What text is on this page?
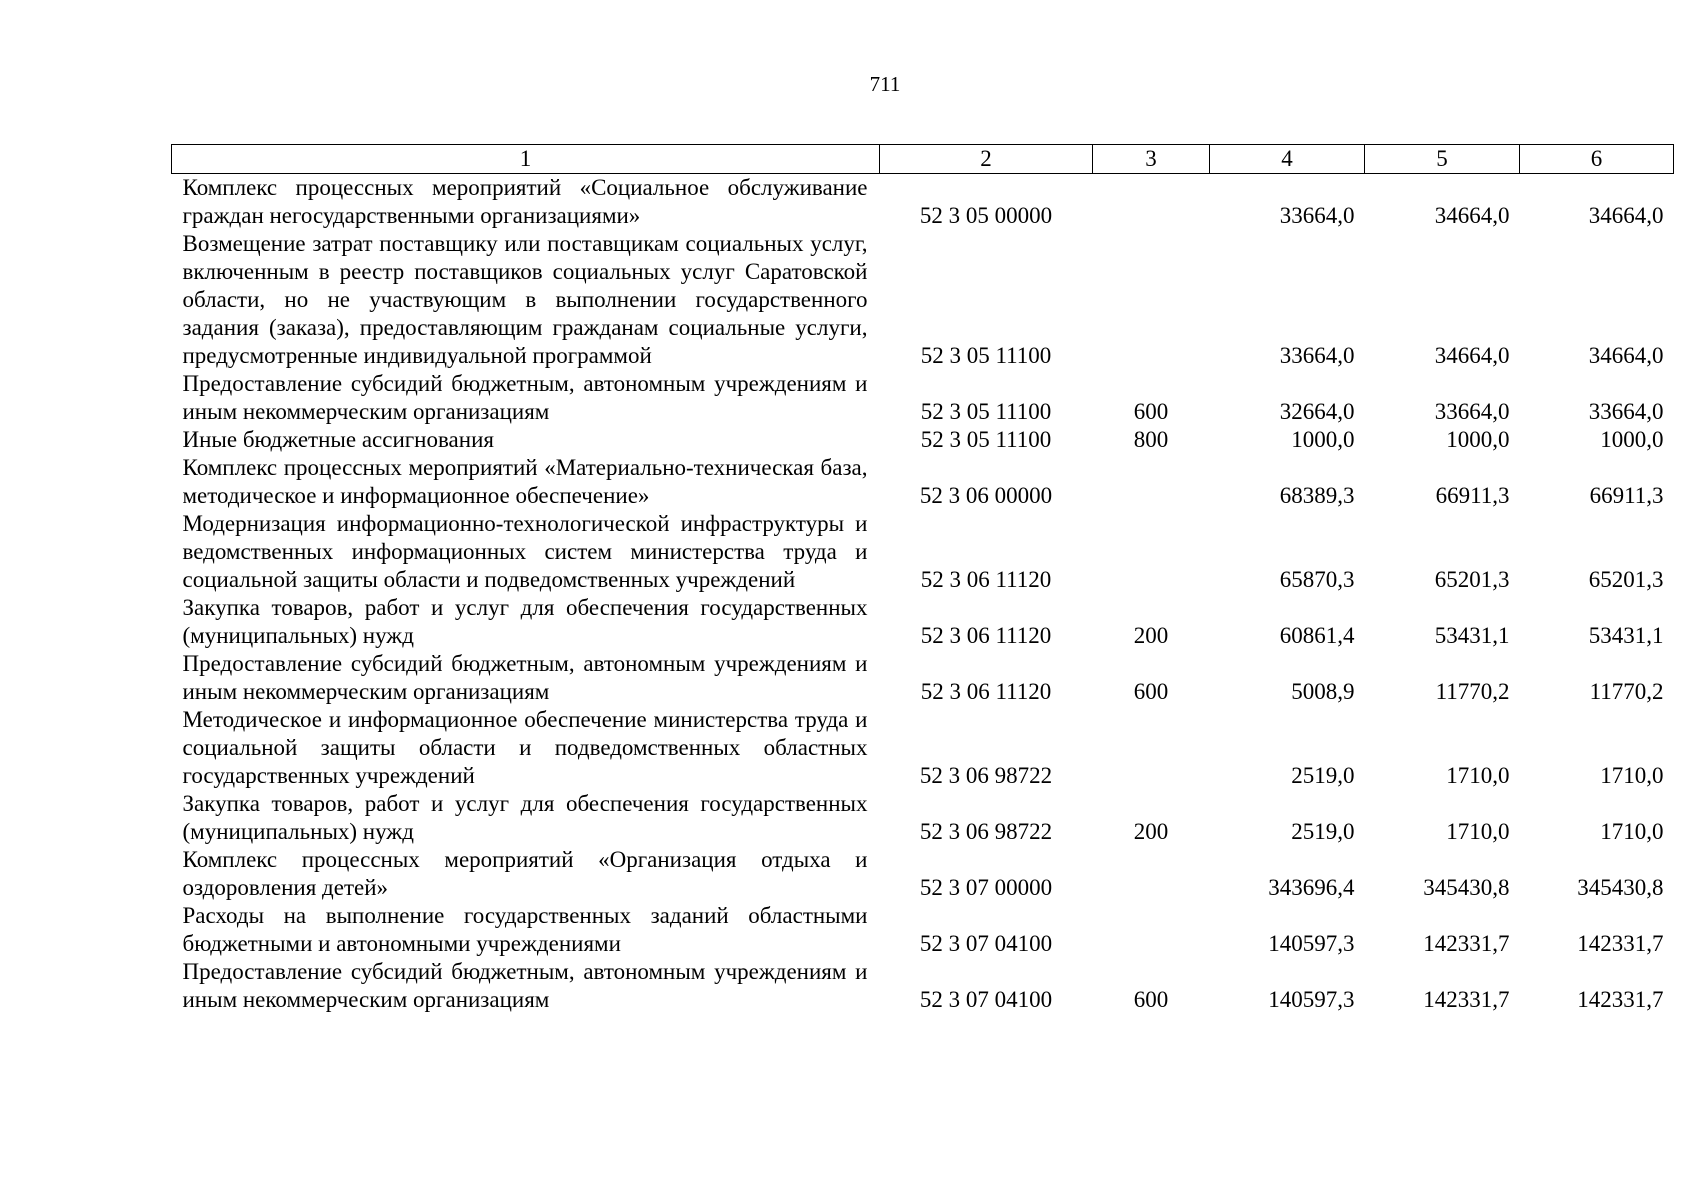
711
1	2	3	4	5	6
Комплекс процессных мероприятий «Социальное обслуживание граждан негосударственными организациями»	52 3 05 00000		33664,0	34664,0	34664,0
Возмещение затрат поставщику или поставщикам социальных услуг, включенным в реестр поставщиков социальных услуг Саратовской области, но не участвующим в выполнении государственного задания (заказа), предоставляющим гражданам социальные услуги, предусмотренные индивидуальной программой	52 3 05 11100		33664,0	34664,0	34664,0
Предоставление субсидий бюджетным, автономным учреждениям и иным некоммерческим организациям	52 3 05 11100	600	32664,0	33664,0	33664,0
Иные бюджетные ассигнования	52 3 05 11100	800	1000,0	1000,0	1000,0
Комплекс процессных мероприятий «Материально-техническая база, методическое и информационное обеспечение»	52 3 06 00000		68389,3	66911,3	66911,3
Модернизация информационно-технологической инфраструктуры и ведомственных информационных систем министерства труда и социальной защиты области и подведомственных учреждений	52 3 06 11120		65870,3	65201,3	65201,3
Закупка товаров, работ и услуг для обеспечения государственных (муниципальных) нужд	52 3 06 11120	200	60861,4	53431,1	53431,1
Предоставление субсидий бюджетным, автономным учреждениям и иным некоммерческим организациям	52 3 06 11120	600	5008,9	11770,2	11770,2
Методическое и информационное обеспечение министерства труда и социальной защиты области и подведомственных областных государственных учреждений	52 3 06 98722		2519,0	1710,0	1710,0
Закупка товаров, работ и услуг для обеспечения государственных (муниципальных) нужд	52 3 06 98722	200	2519,0	1710,0	1710,0
Комплекс процессных мероприятий «Организация отдыха и оздоровления детей»	52 3 07 00000		343696,4	345430,8	345430,8
Расходы на выполнение государственных заданий областными бюджетными и автономными учреждениями	52 3 07 04100		140597,3	142331,7	142331,7
Предоставление субсидий бюджетным, автономным учреждениям и иным некоммерческим организациям	52 3 07 04100	600	140597,3	142331,7	142331,7
